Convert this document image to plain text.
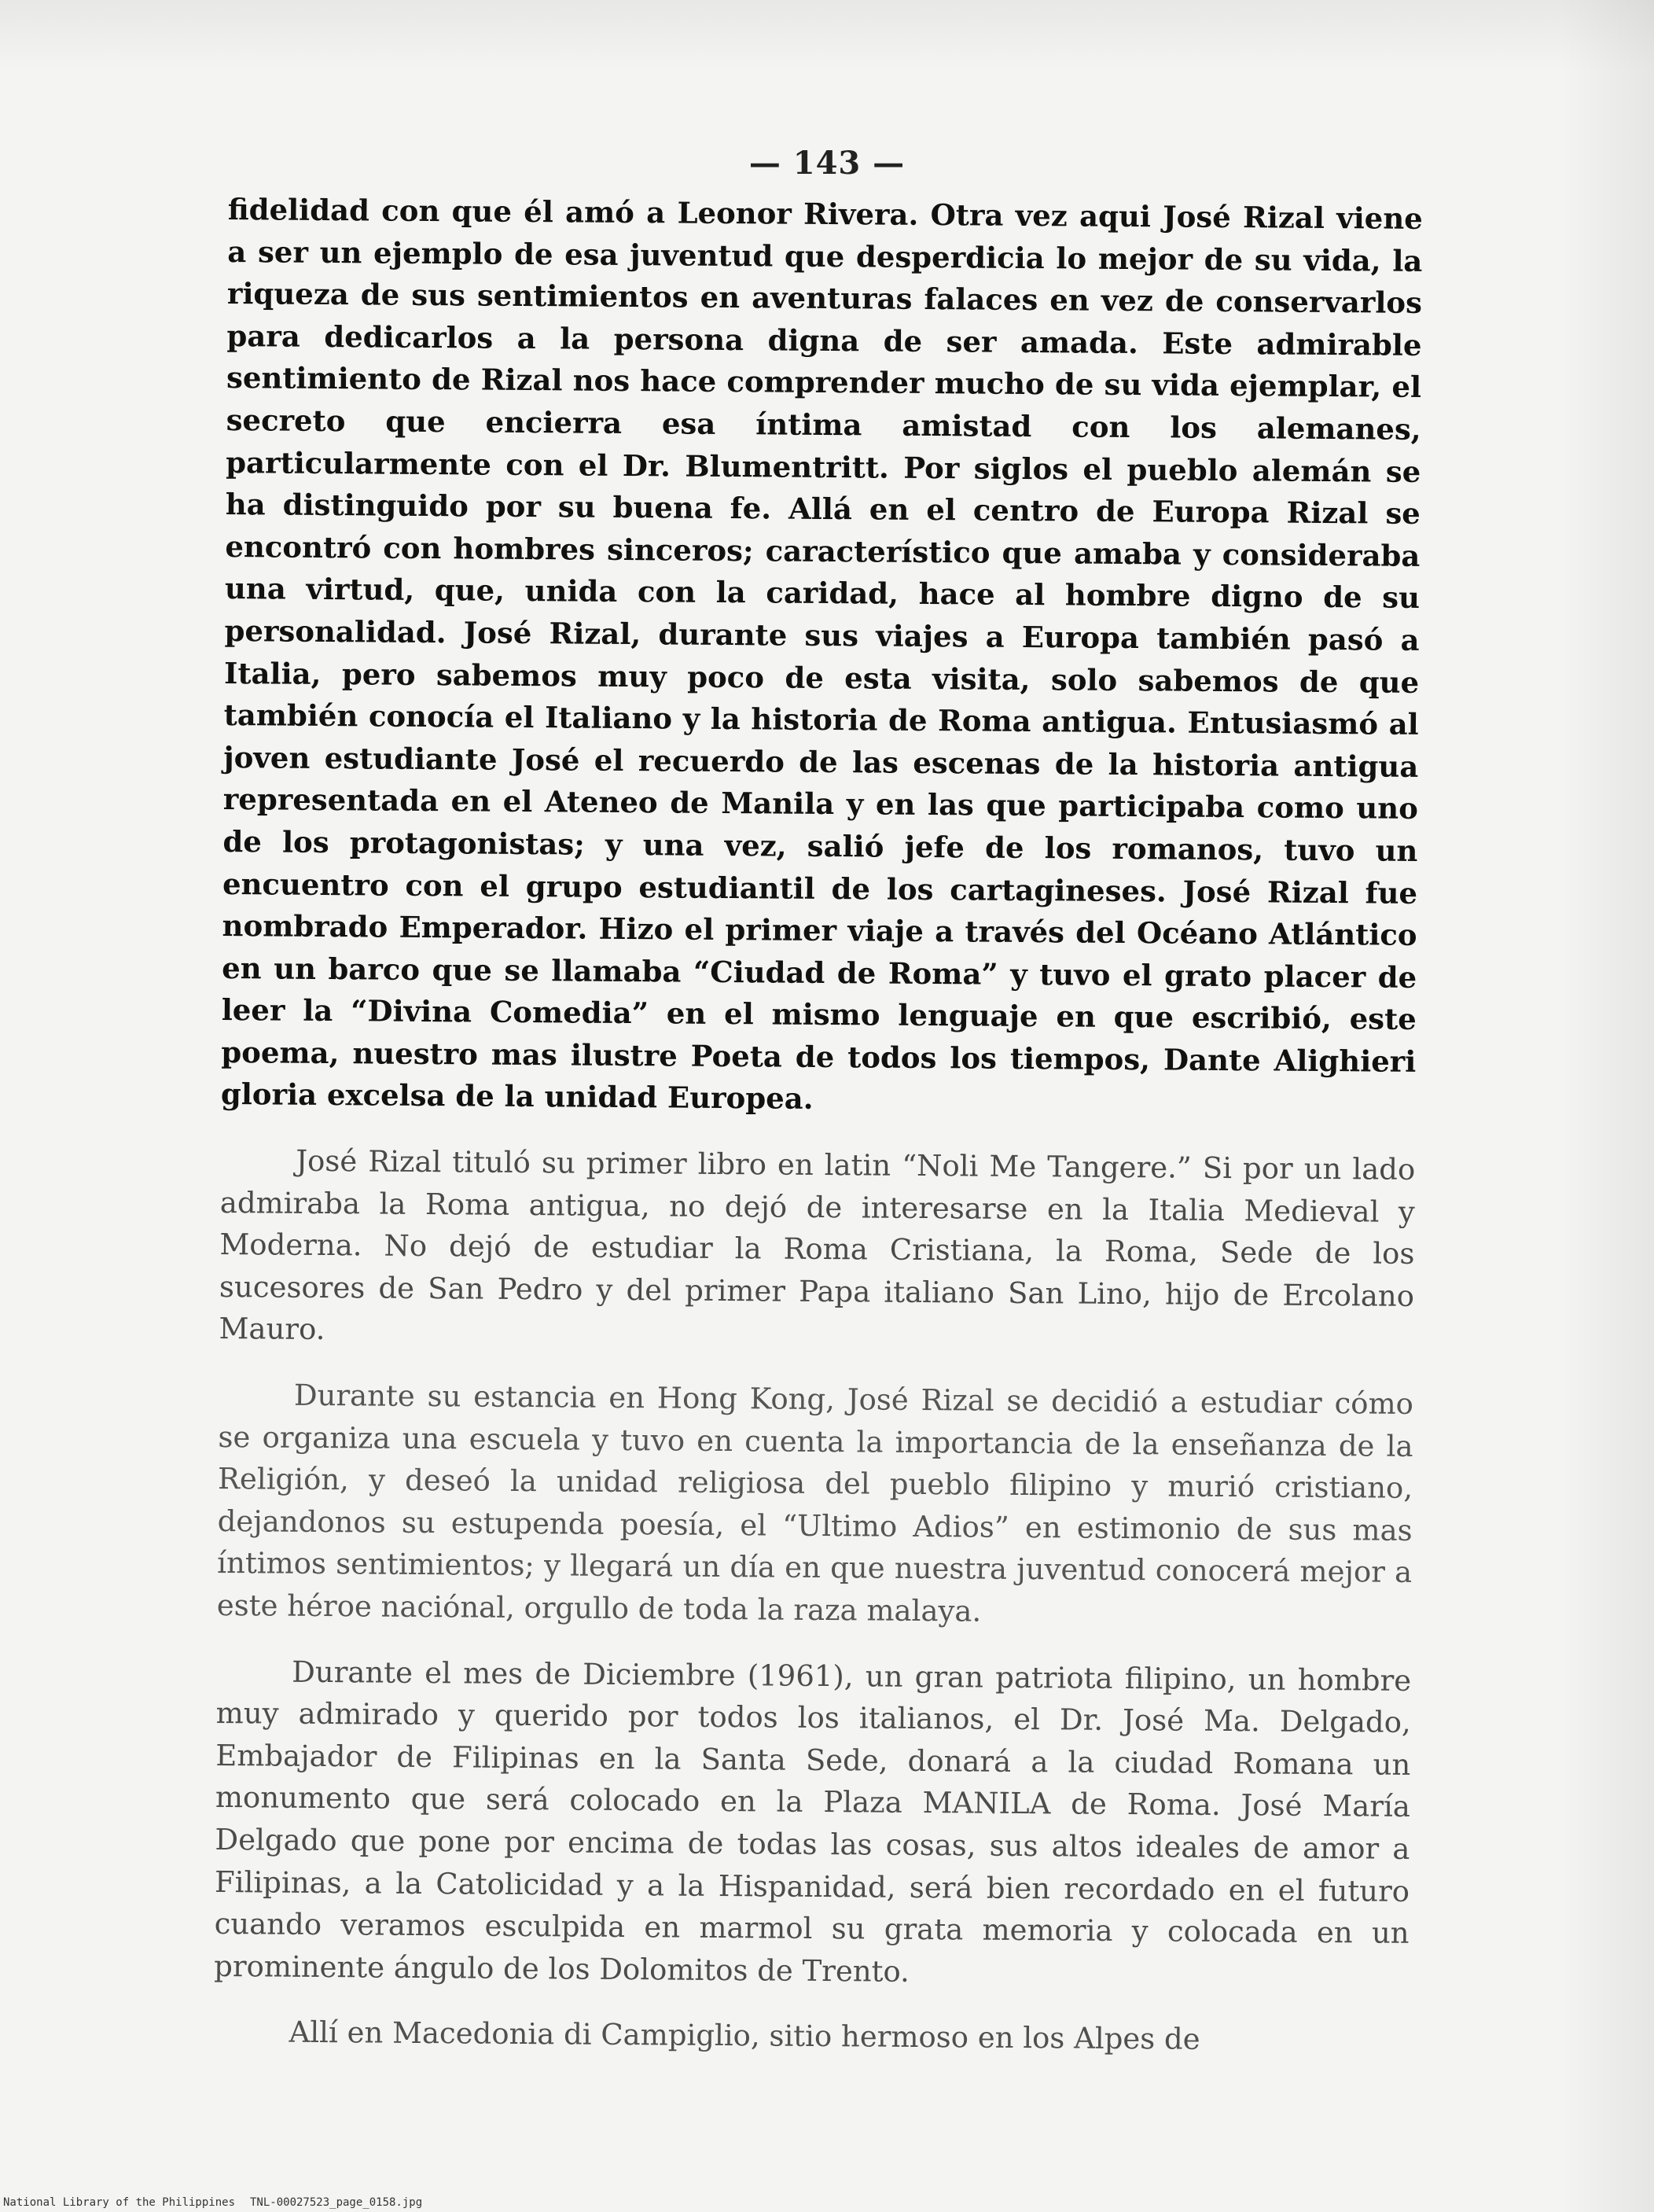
— 143 —

fidelidad con que él amó a Leonor Rivera. Otra vez aqui José Rizal viene a ser un ejemplo de esa juventud que desperdicia lo mejor de su vida, la riqueza de sus sentimientos en aventuras falaces en vez de conservarlos para dedicarlos a la persona digna de ser amada. Este admirable sentimiento de Rizal nos hace comprender mucho de su vida ejemplar, el secreto que encierra esa íntima amistad con los alemanes, particularmente con el Dr. Blumentritt. Por siglos el pueblo alemán se ha distinguido por su buena fe. Allá en el centro de Europa Rizal se encontró con hombres sinceros; característico que amaba y consideraba una virtud, que, unida con la caridad, hace al hombre digno de su personalidad. José Rizal, durante sus viajes a Europa también pasó a Italia, pero sabemos muy poco de esta visita, solo sabemos de que también conocía el Italiano y la historia de Roma antigua. Entusiasmó al joven estudiante José el recuerdo de las escenas de la historia antigua representada en el Ateneo de Manila y en las que participaba como uno de los protagonistas; y una vez, salió jefe de los romanos, tuvo un encuentro con el grupo estudiantil de los cartagineses. José Rizal fue nombrado Emperador. Hizo el primer viaje a través del Océano Atlántico en un barco que se llamaba “Ciudad de Roma” y tuvo el grato placer de leer la “Divina Comedia” en el mismo lenguaje en que escribió, este poema, nuestro mas ilustre Poeta de todos los tiempos, Dante Alighieri gloria excelsa de la unidad Europea.

José Rizal tituló su primer libro en latin “Noli Me Tangere.” Si por un lado admiraba la Roma antigua, no dejó de interesarse en la Italia Medieval y Moderna. No dejó de estudiar la Roma Cristiana, la Roma, Sede de los sucesores de San Pedro y del primer Papa italiano San Lino, hijo de Ercolano Mauro.

Durante su estancia en Hong Kong, José Rizal se decidió a estudiar cómo se organiza una escuela y tuvo en cuenta la importancia de la enseñanza de la Religión, y deseó la unidad religiosa del pueblo filipino y murió cristiano, dejandonos su estupenda poesía, el “Ultimo Adios” en estimonio de sus mas íntimos sentimientos; y llegará un día en que nuestra juventud conocerá mejor a este héroe naciónal, orgullo de toda la raza malaya.

Durante el mes de Diciembre (1961), un gran patriota filipino, un hombre muy admirado y querido por todos los italianos, el Dr. José Ma. Delgado, Embajador de Filipinas en la Santa Sede, donará a la ciudad Romana un monumento que será colocado en la Plaza MANILA de Roma. José María Delgado que pone por encima de todas las cosas, sus altos ideales de amor a Filipinas, a la Catolicidad y a la Hispanidad, será bien recordado en el futuro cuando veramos esculpida en marmol su grata memoria y colocada en un prominente ángulo de los Dolomitos de Trento.

Allí en Macedonia di Campiglio, sitio hermoso en los Alpes de

National Library of the Philippines TNL-00027523_page_0158.jpg
